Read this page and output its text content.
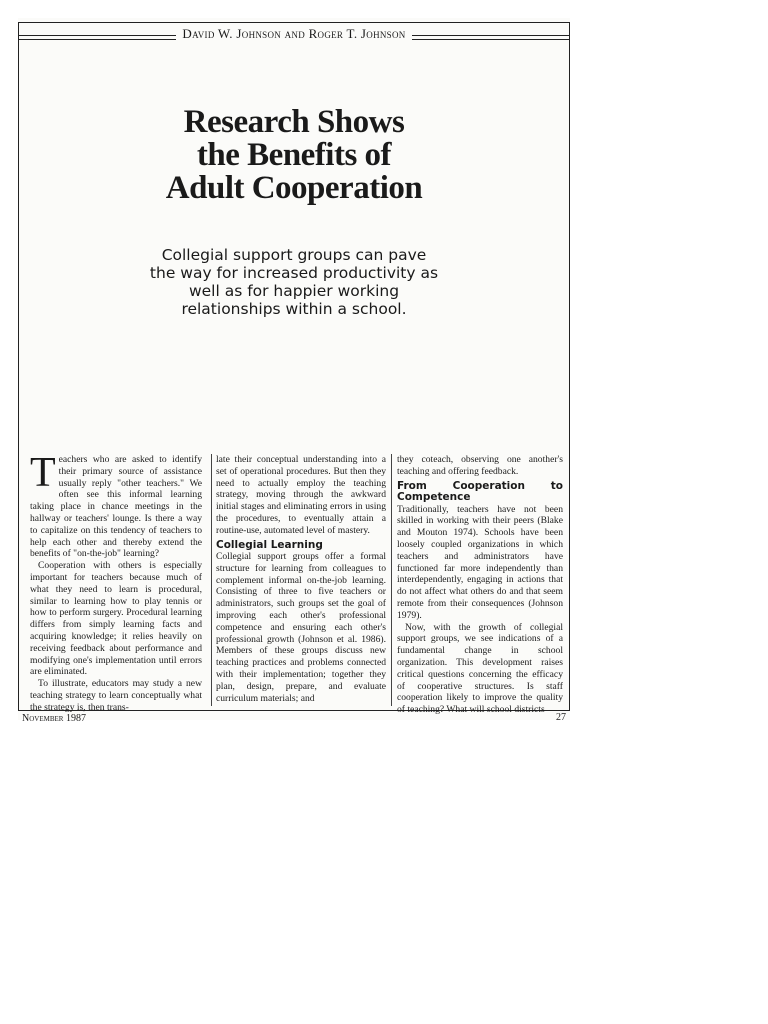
David W. Johnson and Roger T. Johnson
Research Shows
the Benefits of
Adult Cooperation
Collegial support groups can pave
the way for increased productivity as
well as for happier working
relationships within a school.

Teachers who are asked to identify their primary source of assistance usually reply "other teachers." We often see this informal learning taking place in chance meetings in the hallway or teachers' lounge. Is there a way to capitalize on this tendency of teachers to help each other and thereby extend the benefits of "on-the-job" learning?

Cooperation with others is especially important for teachers because much of what they need to learn is procedural, similar to learning how to play tennis or how to perform surgery. Procedural learning differs from simply learning facts and acquiring knowledge; it relies heavily on receiving feedback about performance and modifying one's implementation until errors are eliminated.

To illustrate, educators may study a new teaching strategy to learn conceptually what the strategy is, then trans-

late their conceptual understanding into a set of operational procedures. But then they need to actually employ the teaching strategy, moving through the awkward initial stages and eliminating errors in using the procedures, to eventually attain a routine-use, automated level of mastery.

Collegial Learning

Collegial support groups offer a formal structure for learning from colleagues to complement informal on-the-job learning. Consisting of three to five teachers or administrators, such groups set the goal of improving each other's professional competence and ensuring each other's professional growth (Johnson et al. 1986). Members of these groups discuss new teaching practices and problems connected with their implementation; together they plan, design, prepare, and evaluate curriculum materials; and

they coteach, observing one another's teaching and offering feedback.

From Cooperation to Competence

Traditionally, teachers have not been skilled in working with their peers (Blake and Mouton 1974). Schools have been loosely coupled organizations in which teachers and administrators have functioned far more independently than interdependently, engaging in actions that do not affect what others do and that seem remote from their consequences (Johnson 1979).

Now, with the growth of collegial support groups, we see indications of a fundamental change in school organization. This development raises critical questions concerning the efficacy of cooperative structures. Is staff cooperation likely to improve the quality of teaching? What will school districts

November 1987	27
